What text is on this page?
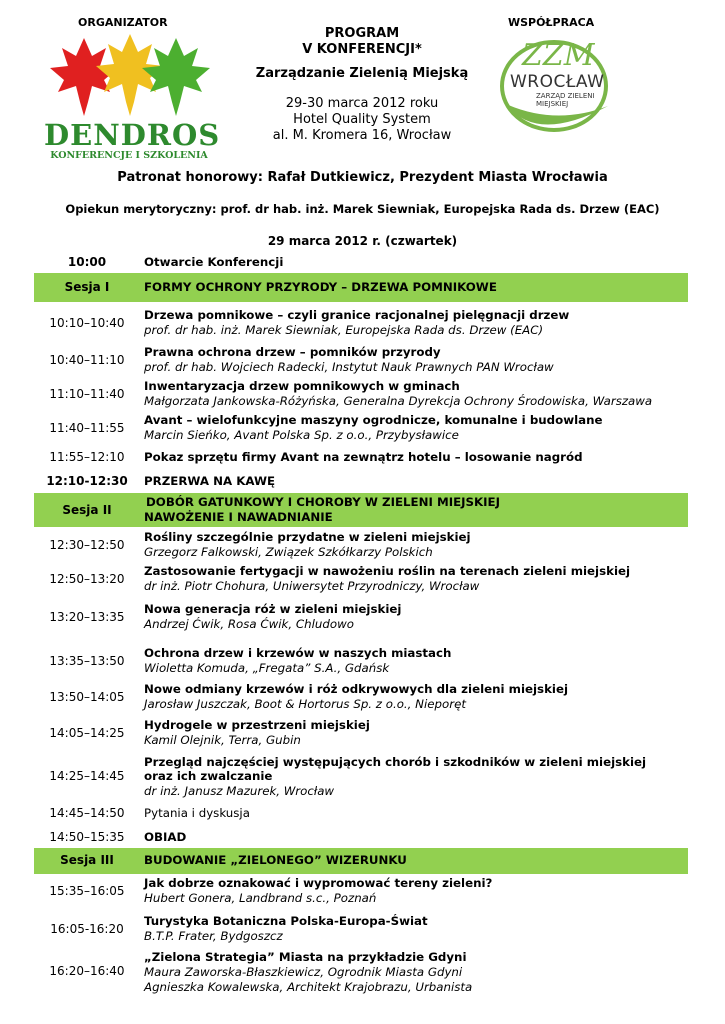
ORGANIZATOR	WSPÓŁPRACA
DENDROS
KONFERENCJE I SZKOLENIA
ZZM
WROCŁAW
ZARZĄD ZIELENI MIEJSKIEJ
PROGRAM
V KONFERENCJI*
Zarządzanie Zielenią Miejską
29-30 marca 2012 roku
Hotel Quality System
al. M. Kromera 16, Wrocław
Patronat honorowy: Rafał Dutkiewicz, Prezydent Miasta Wrocławia
Opiekun merytoryczny: prof. dr hab. inż. Marek Siewniak, Europejska Rada ds. Drzew (EAC)
29 marca 2012 r. (czwartek)
10:00	Otwarcie Konferencji
Sesja I	FORMY OCHRONY PRZYRODY – DRZEWA POMNIKOWE
10:10–10:40
Drzewa pomnikowe – czyli granice racjonalnej pielęgnacji drzew
prof. dr hab. inż. Marek Siewniak, Europejska Rada ds. Drzew (EAC)
10:40–11:10
Prawna ochrona drzew – pomników przyrody
prof. dr hab. Wojciech Radecki, Instytut Nauk Prawnych PAN Wrocław
11:10–11:40
Inwentaryzacja drzew pomnikowych w gminach
Małgorzata Jankowska-Różyńska, Generalna Dyrekcja Ochrony Środowiska, Warszawa
11:40–11:55
Avant – wielofunkcyjne maszyny ogrodnicze, komunalne i budowlane
Marcin Sieńko, Avant Polska Sp. z o.o., Przybysławice
11:55–12:10	Pokaz sprzętu firmy Avant na zewnątrz hotelu – losowanie nagród
12:10-12:30	PRZERWA NA KAWĘ
Sesja II
DOBÓR GATUNKOWY I CHOROBY W ZIELENI MIEJSKIEJ
NAWOŻENIE I NAWADNIANIE
12:30–12:50
Rośliny szczególnie przydatne w zieleni miejskiej
Grzegorz Falkowski, Związek Szkółkarzy Polskich
12:50–13:20
Zastosowanie fertygacji w nawożeniu roślin na terenach zieleni miejskiej
dr inż. Piotr Chohura, Uniwersytet Przyrodniczy, Wrocław
13:20–13:35
Nowa generacja róż w zieleni miejskiej
Andrzej Ćwik, Rosa Ćwik, Chludowo
13:35–13:50
Ochrona drzew i krzewów w naszych miastach
Wioletta Komuda, „Fregata” S.A., Gdańsk
13:50–14:05
Nowe odmiany krzewów i róż odkrywowych dla zieleni miejskiej
Jarosław Juszczak, Boot & Hortorus Sp. z o.o., Nieporęt
14:05–14:25
Hydrogele w przestrzeni miejskiej
Kamil Olejnik, Terra, Gubin
14:25–14:45
Przegląd najczęściej występujących chorób i szkodników w zieleni miejskiej
oraz ich zwalczanie
dr inż. Janusz Mazurek, Wrocław
14:45–14:50	Pytania i dyskusja
14:50–15:35	OBIAD
Sesja III	BUDOWANIE „ZIELONEGO” WIZERUNKU
15:35–16:05
Jak dobrze oznakować i wypromować tereny zieleni?
Hubert Gonera, Landbrand s.c., Poznań
16:05-16:20
Turystyka Botaniczna Polska-Europa-Świat
B.T.P. Frater, Bydgoszcz
16:20–16:40
„Zielona Strategia” Miasta na przykładzie Gdyni
Maura Zaworska-Błaszkiewicz, Ogrodnik Miasta Gdyni
Agnieszka Kowalewska, Architekt Krajobrazu, Urbanista
